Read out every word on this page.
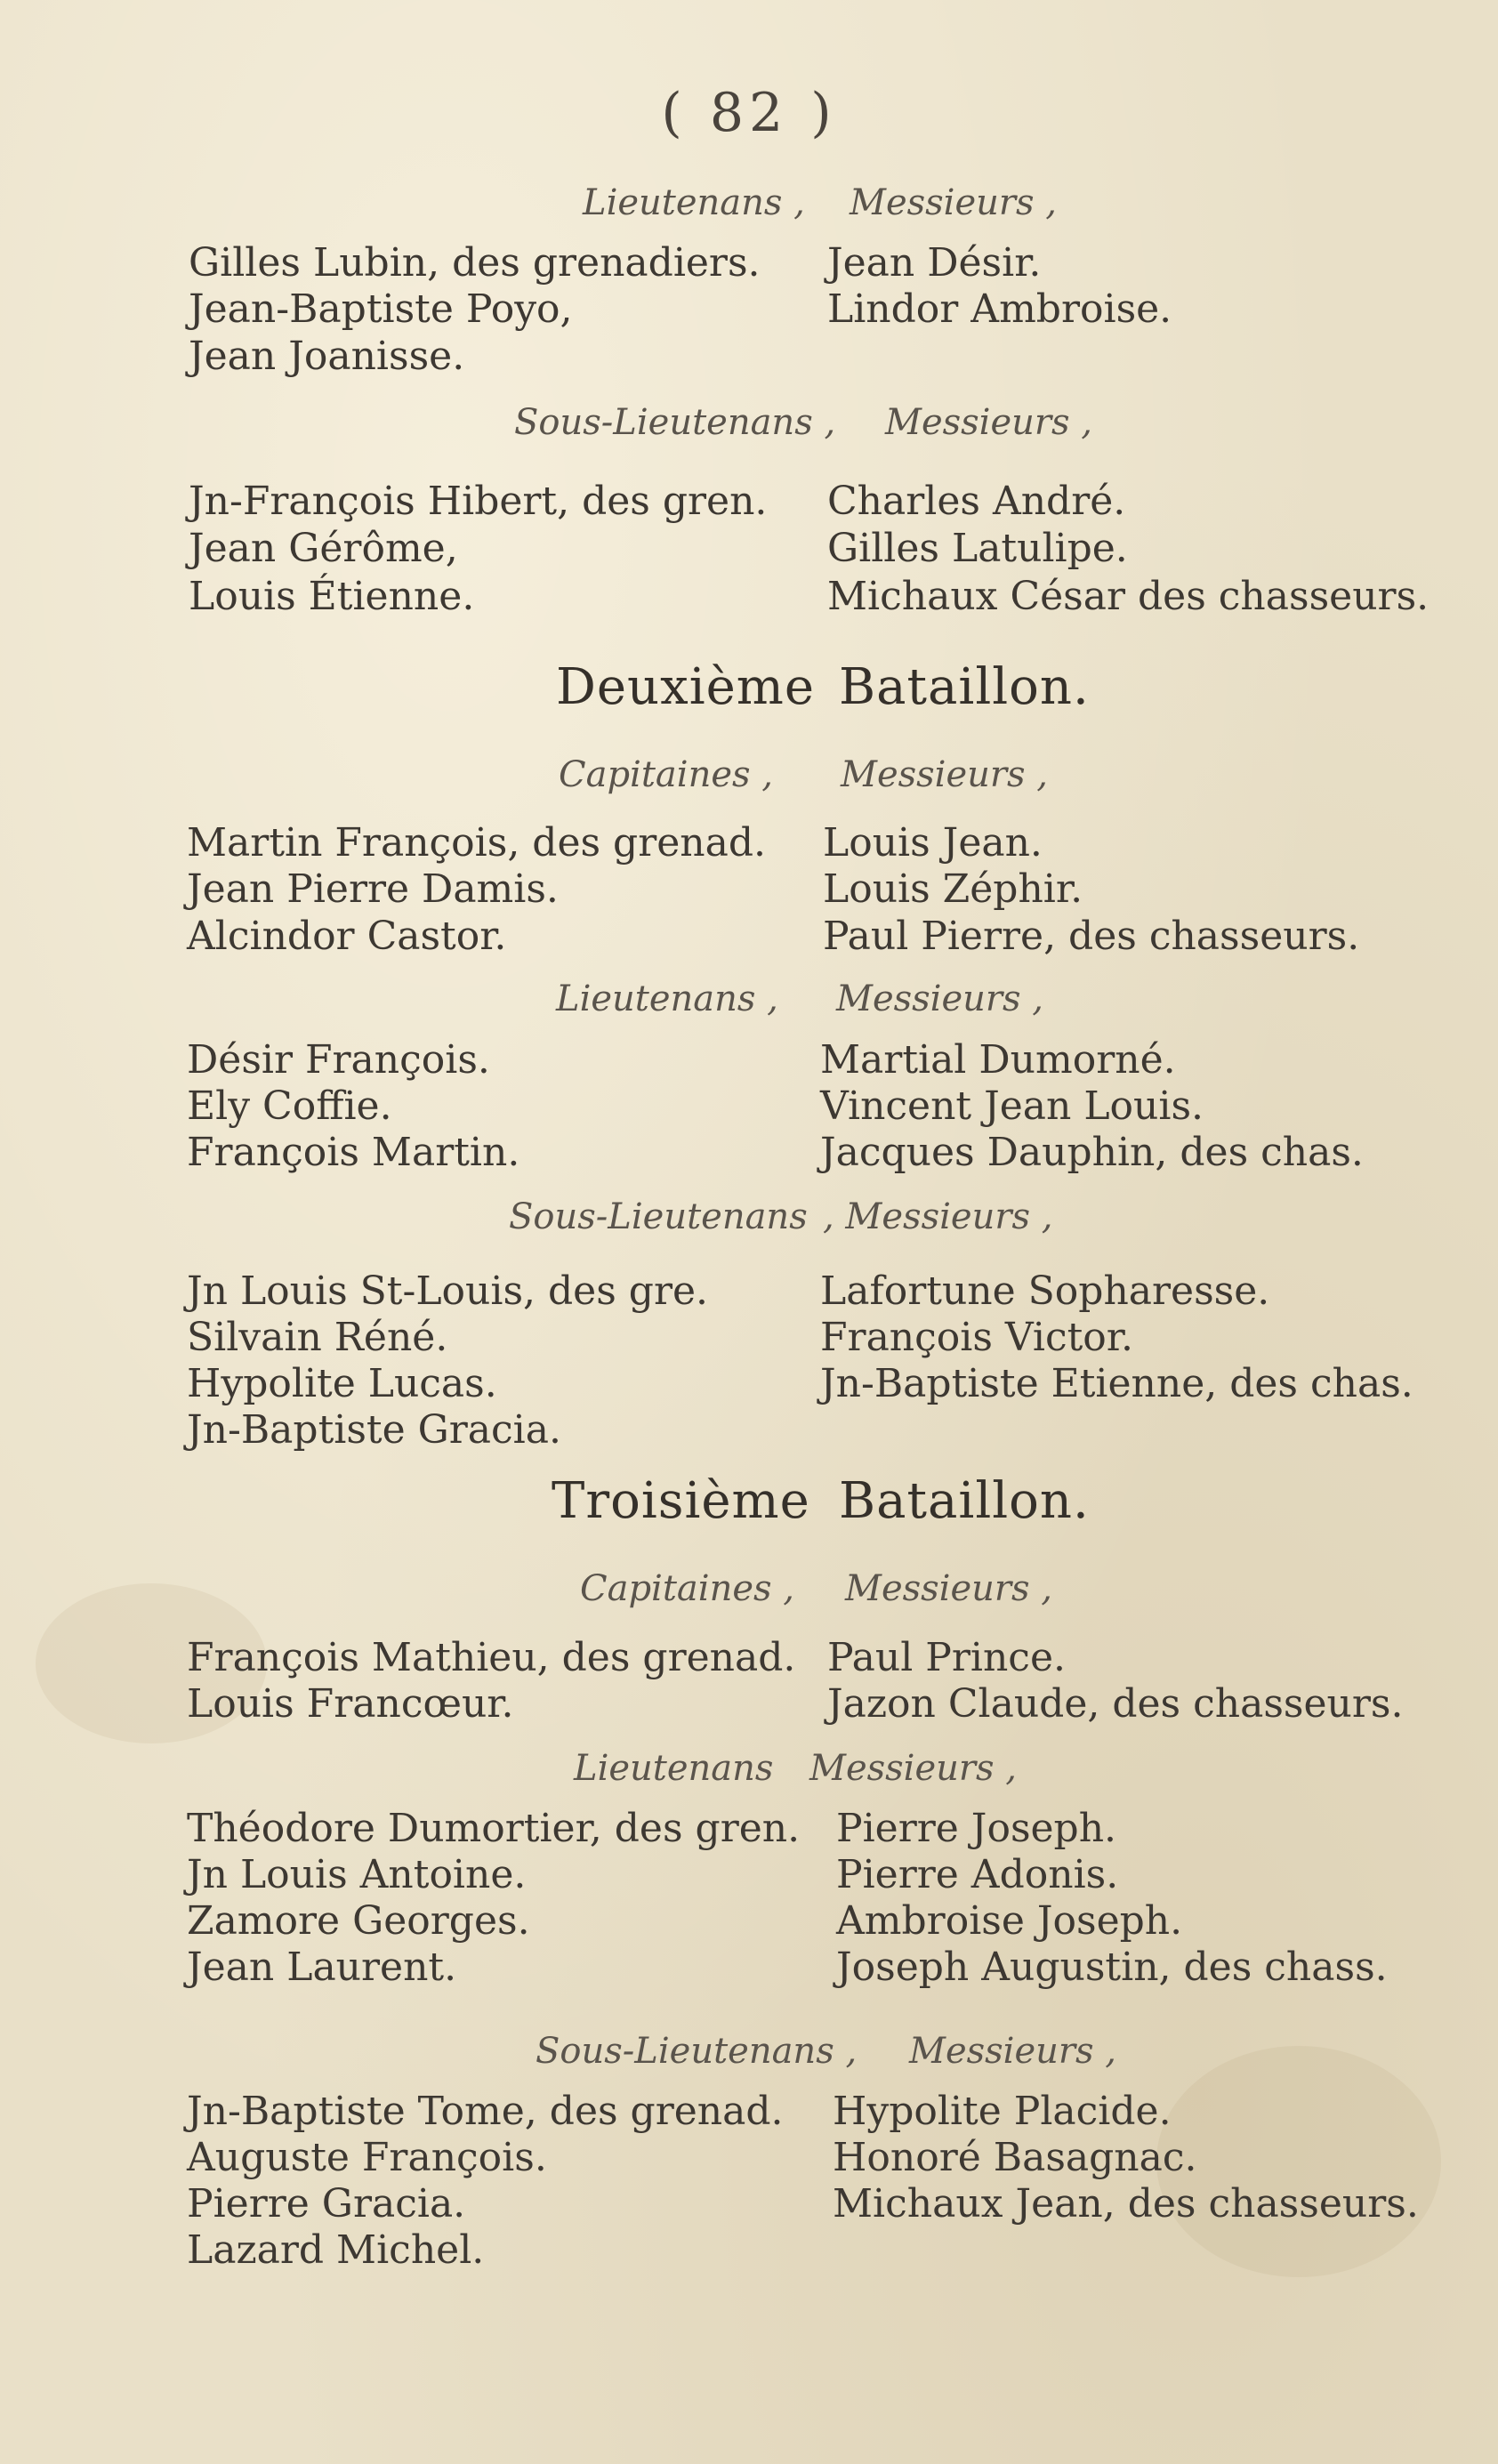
( 82 )
Lieutenans , Messieurs ,
Gilles Lubin, des grenadiers.
Jean-Baptiste Poyo,
Jean Joanisse.
Jean Désir.
Lindor Ambroise.
Sous-Lieutenans , Messieurs ,
Jn-François Hibert, des gren.
Jean Gérôme,
Louis Étienne.
Charles André.
Gilles Latulipe.
Michaux César des chasseurs.
Deuxième Bataillon.
Capitaines , Messieurs ,
Martin François, des grenad.
Jean Pierre Damis.
Alcindor Castor.
Louis Jean.
Louis Zéphir.
Paul Pierre, des chasseurs.
Lieutenans , Messieurs ,
Désir François.
Ely Coffie.
François Martin.
Martial Dumorné.
Vincent Jean Louis.
Jacques Dauphin, des chas.
Sous-Lieutenans , Messieurs ,
Jn Louis St-Louis, des gre.
Silvain Réné.
Hypolite Lucas.
Jn-Baptiste Gracia.
Lafortune Sopharesse.
François Victor.
Jn-Baptiste Etienne, des chas.
Troisième Bataillon.
Capitaines , Messieurs ,
François Mathieu, des grenad.
Louis Francœur.
Paul Prince.
Jazon Claude, des chasseurs.
Lieutenans Messieurs ,
Théodore Dumortier, des gren.
Jn Louis Antoine.
Zamore Georges.
Jean Laurent.
Pierre Joseph.
Pierre Adonis.
Ambroise Joseph.
Joseph Augustin, des chass.
Sous-Lieutenans , Messieurs ,
Jn-Baptiste Tome, des grenad.
Auguste François.
Pierre Gracia.
Lazard Michel.
Hypolite Placide.
Honoré Basagnac.
Michaux Jean, des chasseurs.
